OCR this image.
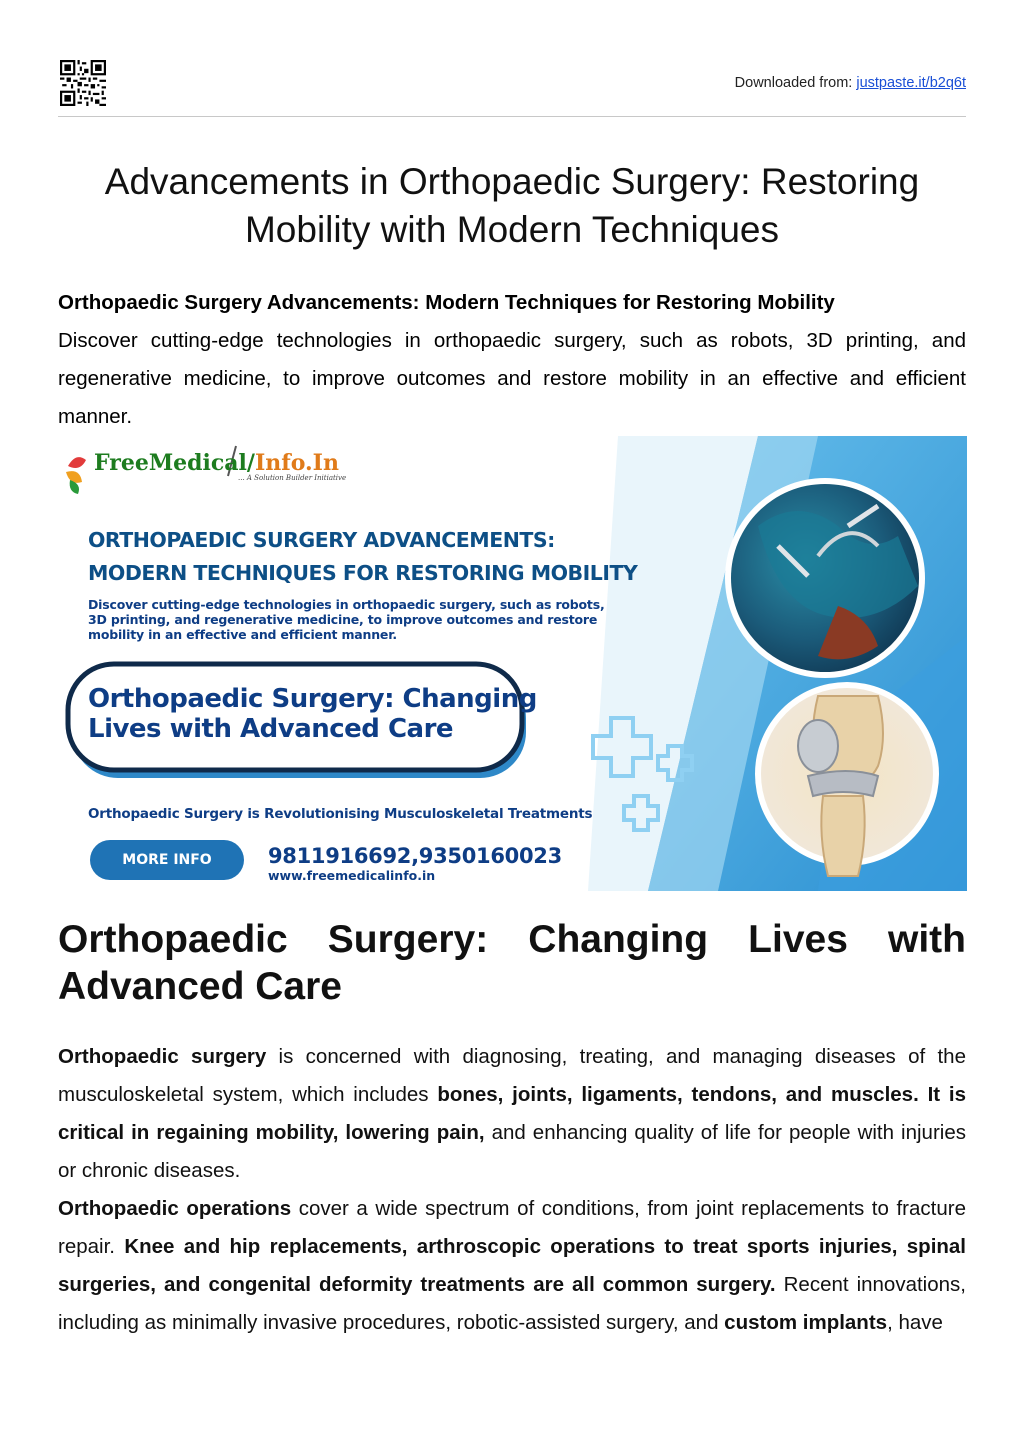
Downloaded from: justpaste.it/b2q6t
Advancements in Orthopaedic Surgery: Restoring Mobility with Modern Techniques
Orthopaedic Surgery Advancements: Modern Techniques for Restoring Mobility
Discover cutting-edge technologies in orthopaedic surgery, such as robots, 3D printing, and regenerative medicine, to improve outcomes and restore mobility in an effective and efficient manner.
FreeMedical/Info.In
... A Solution Builder Initiative
ORTHOPAEDIC SURGERY ADVANCEMENTS: MODERN TECHNIQUES FOR RESTORING MOBILITY
Discover cutting-edge technologies in orthopaedic surgery, such as robots, 3D printing, and regenerative medicine, to improve outcomes and restore mobility in an effective and efficient manner.
Orthopaedic Surgery: Changing Lives with Advanced Care
Orthopaedic Surgery is Revolutionising Musculoskeletal Treatments
MORE INFO	9811916692,9350160023
www.freemedicalinfo.in
Orthopaedic Surgery: Changing Lives with Advanced Care

Orthopaedic surgery is concerned with diagnosing, treating, and managing diseases of the musculoskeletal system, which includes bones, joints, ligaments, tendons, and muscles. It is critical in regaining mobility, lowering pain, and enhancing quality of life for people with injuries or chronic diseases.

Orthopaedic operations cover a wide spectrum of conditions, from joint replacements to fracture repair. Knee and hip replacements, arthroscopic operations to treat sports injuries, spinal surgeries, and congenital deformity treatments are all common surgery. Recent innovations, including as minimally invasive procedures, robotic-assisted surgery, and custom implants, have
